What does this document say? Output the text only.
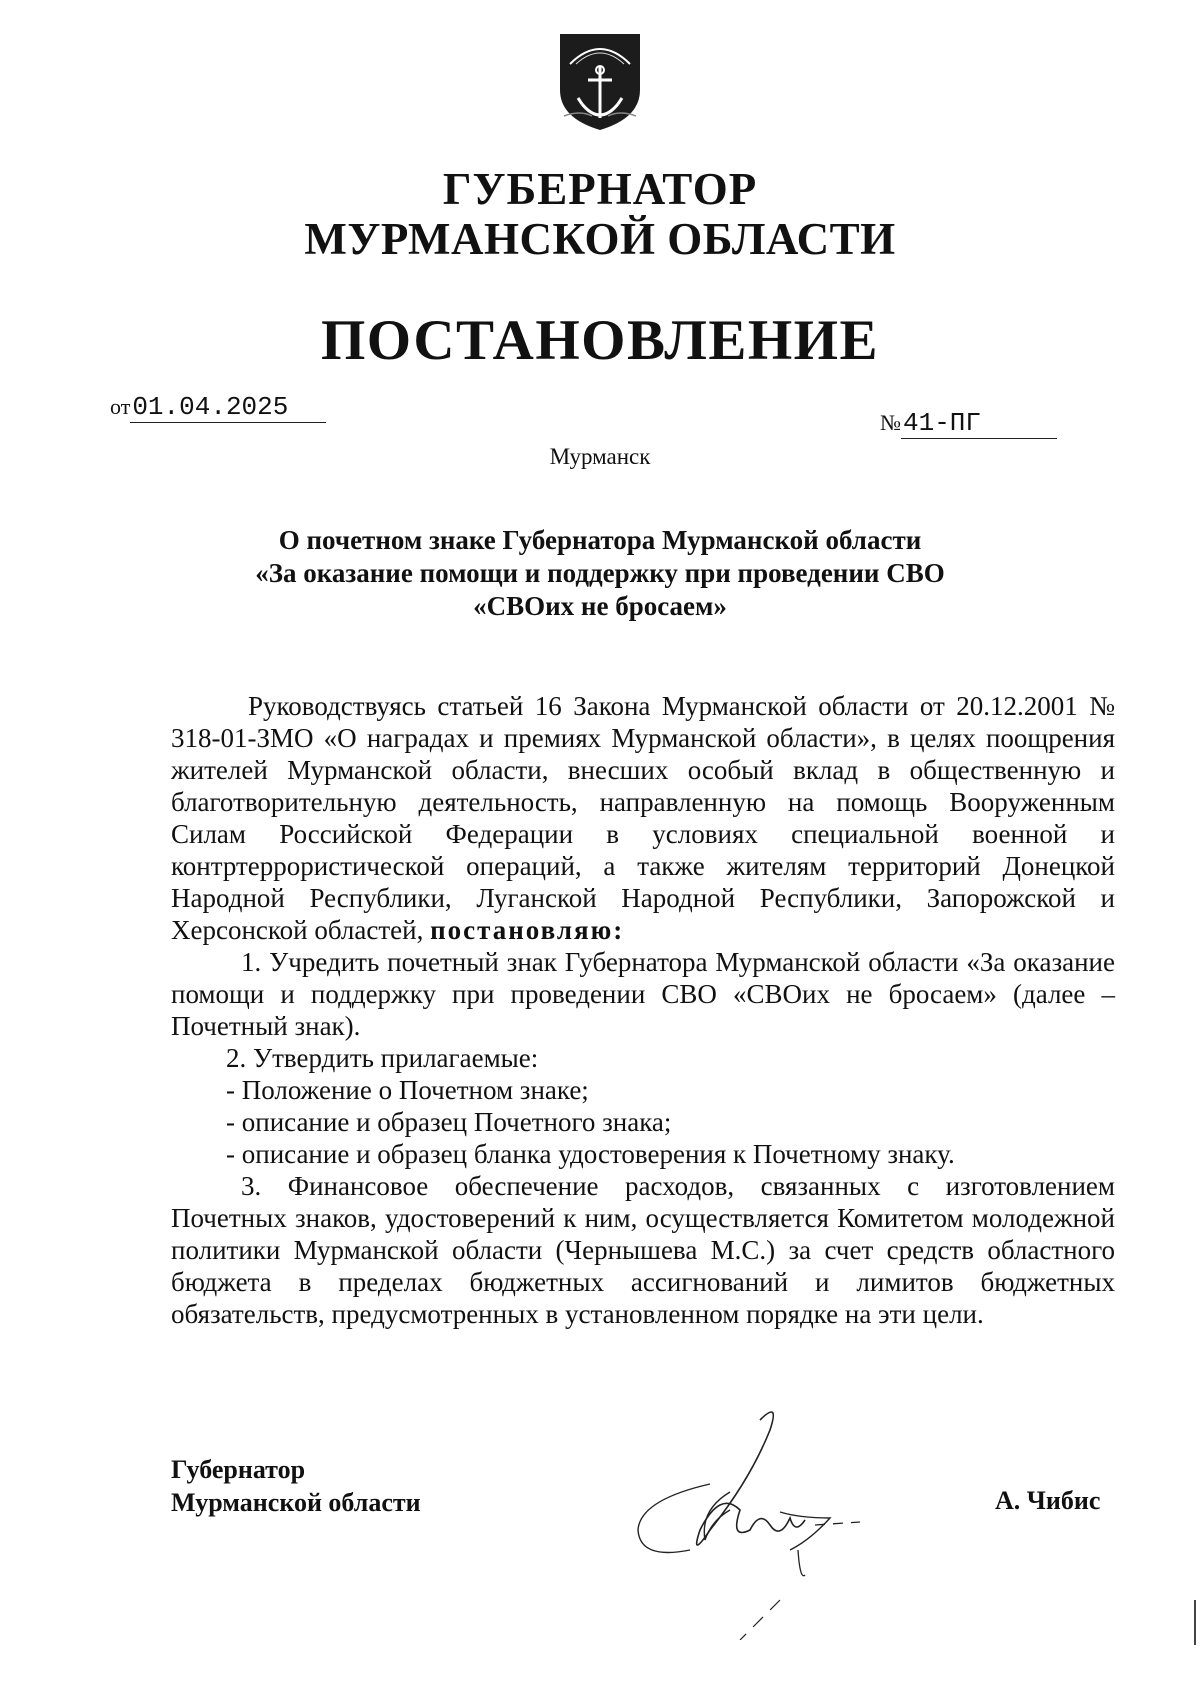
ГУБЕРНАТОР
МУРМАНСКОЙ ОБЛАСТИ
ПОСТАНОВЛЕНИЕ
от01.04.2025
№41-ПГ
Мурманск
О почетном знаке Губернатора Мурманской области
«За оказание помощи и поддержку при проведении СВО
«СВОих не бросаем»

Руководствуясь статьей 16 Закона Мурманской области от 20.12.2001 № 318-01-ЗМО «О наградах и премиях Мурманской области», в целях поощрения жителей Мурманской области, внесших особый вклад в общественную и благотворительную деятельность, направленную на помощь Вооруженным Силам Российской Федерации в условиях специальной военной и контртеррористической операций, а также жителям территорий Донецкой Народной Республики, Луганской Народной Республики, Запорожской и Херсонской областей, постановляю:

1. Учредить почетный знак Губернатора Мурманской области «За оказание помощи и поддержку при проведении СВО «СВОих не бросаем» (далее – Почетный знак).

2. Утвердить прилагаемые:

- Положение о Почетном знаке;

- описание и образец Почетного знака;

- описание и образец бланка удостоверения к Почетному знаку.

3. Финансовое обеспечение расходов, связанных с изготовлением Почетных знаков, удостоверений к ним, осуществляется Комитетом молодежной политики Мурманской области (Чернышева М.С.) за счет средств областного бюджета в пределах бюджетных ассигнований и лимитов бюджетных обязательств, предусмотренных в установленном порядке на эти цели.

Губернатор
Мурманской области	А. Чибис
